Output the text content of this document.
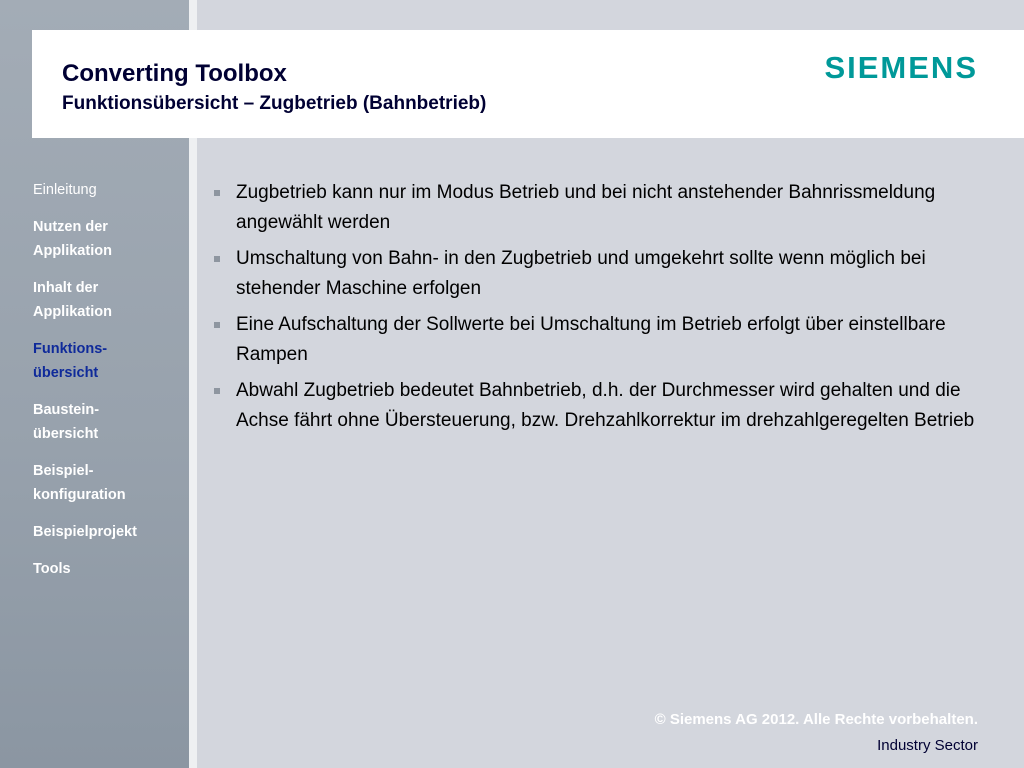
Converting Toolbox
Funktionsübersicht – Zugbetrieb (Bahnbetrieb)
SIEMENS
Einleitung
Nutzen der
Applikation
Inhalt der
Applikation
Funktions-
übersicht
Baustein-
übersicht
Beispiel-
konfiguration
Beispielprojekt
Tools
Zugbetrieb kann nur im Modus Betrieb und bei nicht anstehender Bahnrissmeldung angewählt werden
Umschaltung von Bahn- in den Zugbetrieb und umgekehrt sollte wenn möglich bei stehender Maschine erfolgen
Eine Aufschaltung der Sollwerte bei Umschaltung im Betrieb erfolgt über einstellbare Rampen
Abwahl Zugbetrieb bedeutet Bahnbetrieb, d.h. der Durchmesser wird gehalten und die Achse fährt ohne Übersteuerung, bzw. Drehzahlkorrektur im drehzahlgeregelten Betrieb
© Siemens AG 2012. Alle Rechte vorbehalten.
Industry Sector
